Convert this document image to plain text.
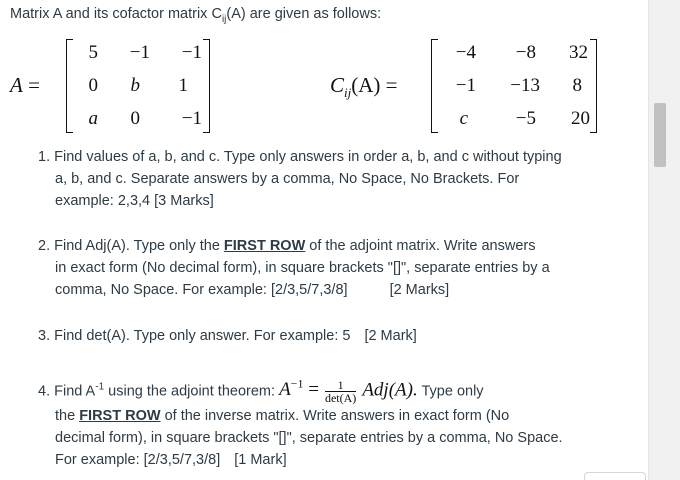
Matrix A and its cofactor matrix $C_{ij}(A)$ are given as follows:
A =
5	−1	−1
0	b	1
a	0	−1
$C_{ij}(A)$ =
−4	−8	32
−1	−13	8
c	−5	20
1. Find values of a, b, and c. Type only answers in order a, b, and c without typing
a, b, and c. Separate answers by a comma, No Space, No Brackets. For
example: 2,3,4 [3 Marks]
2. Find Adj(A). Type only the FIRST ROW of the adjoint matrix. Write answers
in exact form (No decimal form), in square brackets "[]", separate entries by a
comma, No Space. For example: [2/3,5/7,3/8]	[2 Marks]
3. Find det(A). Type only answer. For example: 5 [2 Mark]
4. Find $A^{-1}$ using the adjoint theorem: $A^{-1} = \frac{1}{\det(A)} Adj(A)$. Type only
the FIRST ROW of the inverse matrix. Write answers in exact form (No
decimal form), in square brackets "[]", separate entries by a comma, No Space.
For example: [2/3,5/7,3/8] [1 Mark]
